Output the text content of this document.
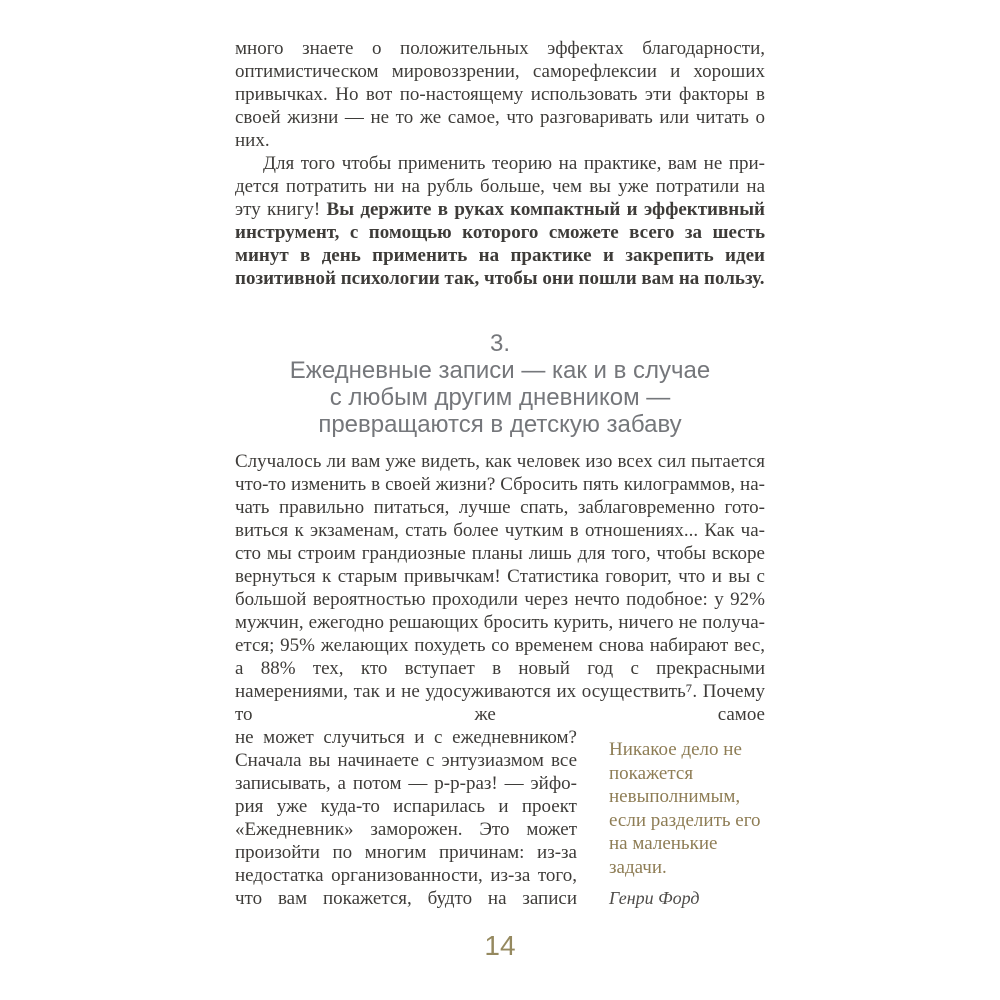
много знаете о положительных эффектах благодарности, оптимистическом мировоззрении, саморефлексии и хороших привычках. Но вот по-настоящему использовать эти факторы в своей жизни — не то же самое, что разговаривать или читать о них.

Для того чтобы применить теорию на практике, вам не придется потратить ни на рубль больше, чем вы уже потратили на эту книгу! Вы держите в руках компактный и эффективный инструмент, с помощью которого сможете всего за шесть минут в день применить на практике и закрепить идеи позитивной психологии так, чтобы они пошли вам на пользу.

3.
Ежедневные записи — как и в случае
с любым другим дневником —
превращаются в детскую забаву

Случалось ли вам уже видеть, как человек изо всех сил пытается что-то изменить в своей жизни? Сбросить пять килограммов, начать правильно питаться, лучше спать, заблаговременно готовиться к экзаменам, стать более чутким в отношениях... Как часто мы строим грандиозные планы лишь для того, чтобы вскоре вернуться к старым привычкам! Статистика говорит, что и вы с большой вероятностью проходили через нечто подобное: у 92% мужчин, ежегодно решающих бросить курить, ничего не получается; 95% желающих похудеть со временем снова набирают вес, а 88% тех, кто вступает в новый год с прекрасными намерениями, так и не удосуживаются их осуществить⁷. Почему то же самое

не может случиться и с ежедневником? Сначала вы начинаете с энтузиазмом все записывать, а потом — р-р-раз! — эйфория уже куда-то испарилась и проект «Ежедневник» заморожен. Это может произойти по многим причинам: из-за недостатка организованности, из-за того, что вам покажется, будто на записи

Никакое дело не покажется невыполнимым, если разделить его на маленькие задачи.
Генри Форд
14
